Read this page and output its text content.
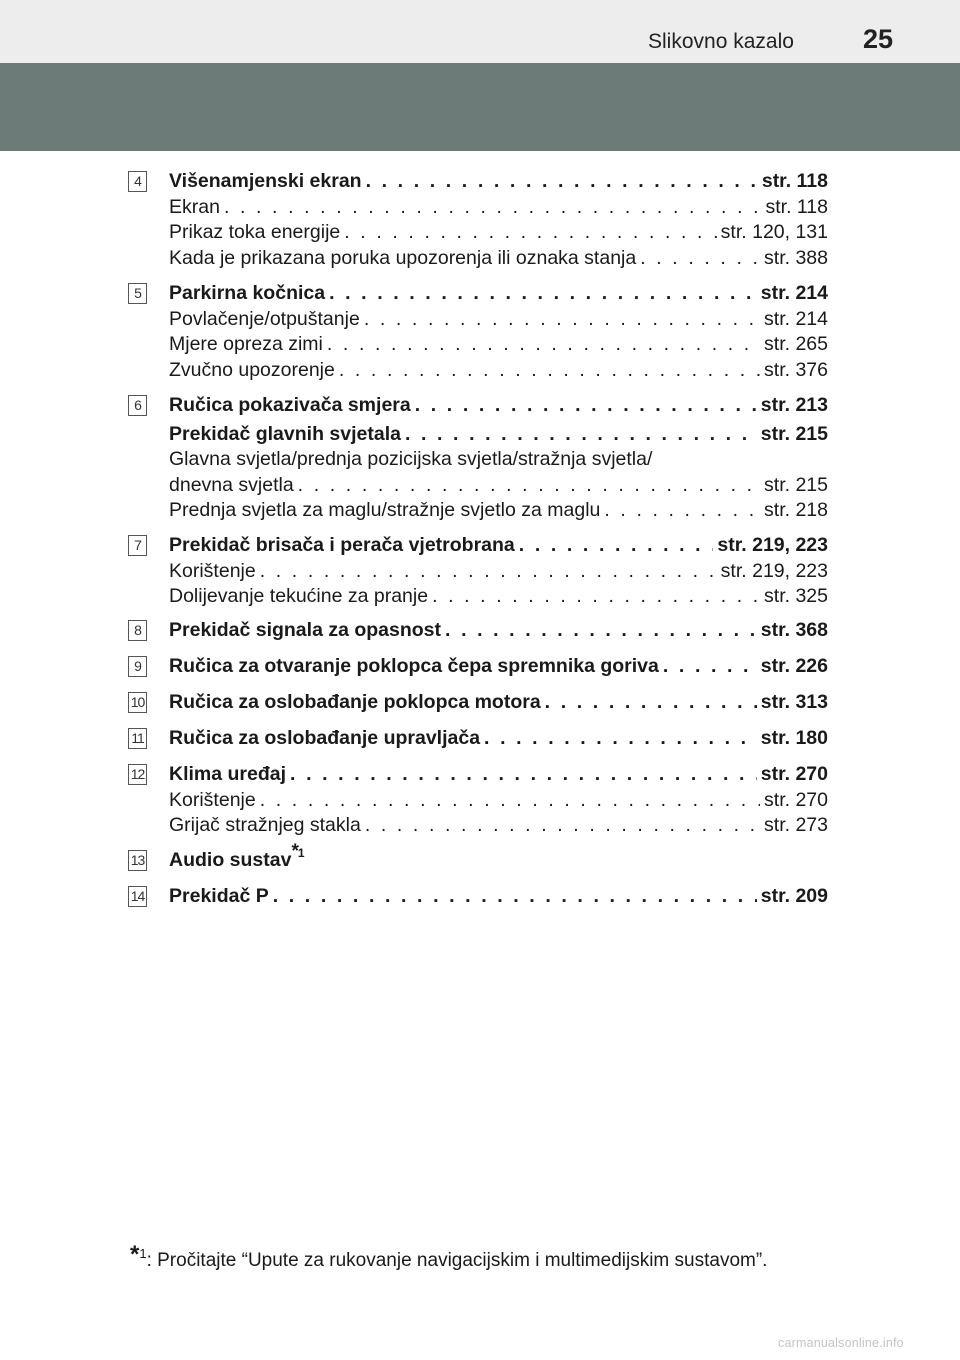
Slikovno kazalo	25
4	Višenamjenski ekran . . .	str. 118
Ekran . . .	str. 118
Prikaz toka energije . . .	str. 120, 131
Kada je prikazana poruka upozorenja ili oznaka stanja . . .	str. 388
5	Parkirna kočnica . . .	str. 214
Povlačenje/otpuštanje . . .	str. 214
Mjere opreza zimi . . .	str. 265
Zvučno upozorenje . . .	str. 376
6	Ručica pokazivača smjera . . .	str. 213
Prekidač glavnih svjetala . . .	str. 215
Glavna svjetla/prednja pozicijska svjetla/stražnja svjetla/
dnevna svjetla . . .	str. 215
Prednja svjetla za maglu/stražnje svjetlo za maglu . . .	str. 218
7	Prekidač brisača i perača vjetrobrana . . .	str. 219, 223
Korištenje . . .	str. 219, 223
Dolijevanje tekućine za pranje . . .	str. 325
8	Prekidač signala za opasnost . . .	str. 368
9	Ručica za otvaranje poklopca čepa spremnika goriva . . .	str. 226
10 Ručica za oslobađanje poklopca motora . . .	str. 313
11 Ručica za oslobađanje upravljača . . .	str. 180
12 Klima uređaj . . .	str. 270
Korištenje . . .	str. 270
Grijač stražnjeg stakla . . .	str. 273
13 Audio sustav$^{*1}$
14 Prekidač P . . .	str. 209
*$^1$: Pročitajte “Upute za rukovanje navigacijskim i multimedijskim sustavom”.
carmanualsonline.info
